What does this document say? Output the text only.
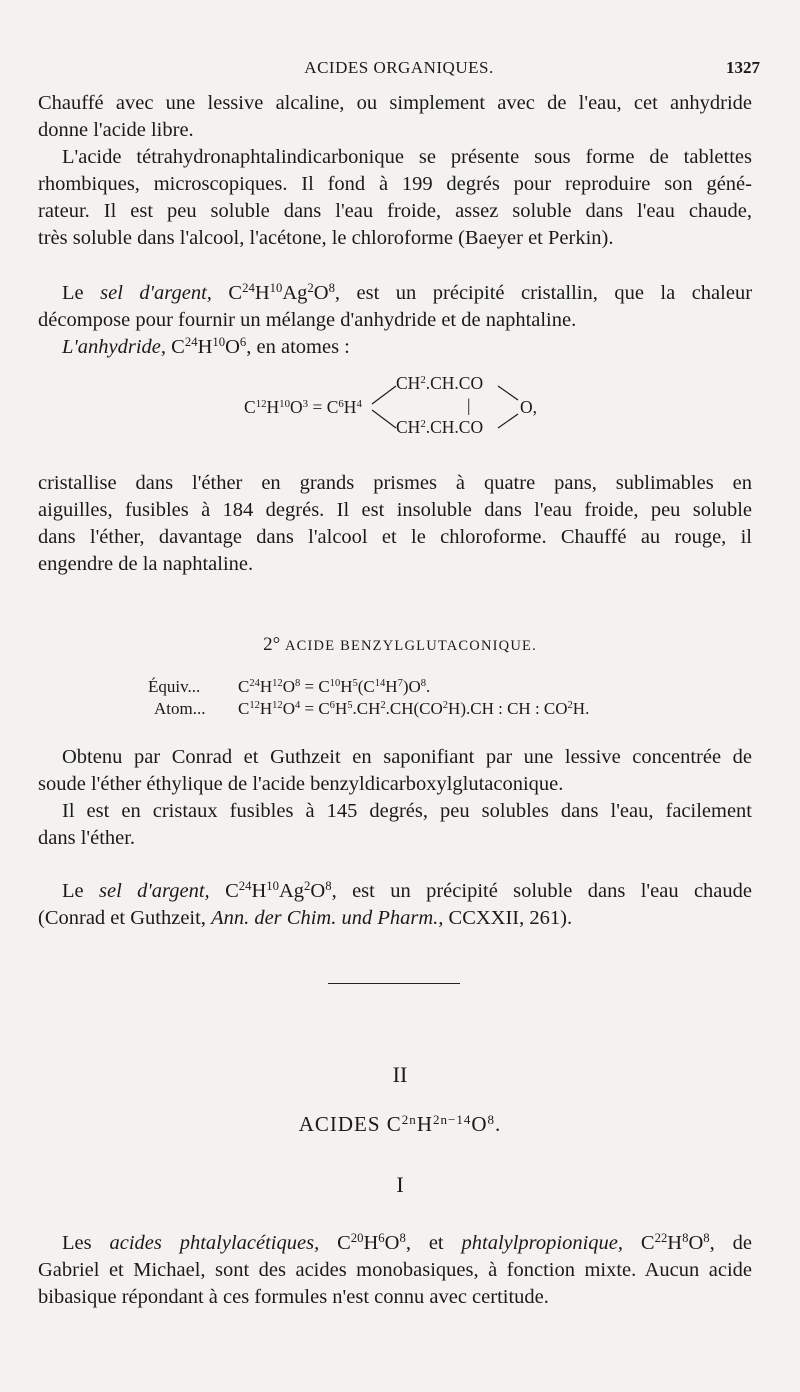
ACIDES ORGANIQUES.	1327
Chauffé avec une lessive alcaline, ou simplement avec de l'eau, cet anhydride
donne l'acide libre.
L'acide tétrahydronaphtalindicarbonique se présente sous forme de tablettes
rhombiques, microscopiques. Il fond à 199 degrés pour reproduire son géné-
rateur. Il est peu soluble dans l'eau froide, assez soluble dans l'eau chaude,
très soluble dans l'alcool, l'acétone, le chloroforme (Baeyer et Perkin).
Le sel d'argent, $C^{24}H^{10}Ag^2O^8$, est un précipité cristallin, que la chaleur
décompose pour fournir un mélange d'anhydride et de naphtaline.
L'anhydride, $C^{24}H^{10}O^6$, en atomes :
$C^{12}H^{10}O^3 = C^6H^4$
$CH^2.CH.CO$
|
$CH^2.CH.CO$
O,
cristallise dans l'éther en grands prismes à quatre pans, sublimables en
aiguilles, fusibles à 184 degrés. Il est insoluble dans l'eau froide, peu soluble
dans l'éther, davantage dans l'alcool et le chloroforme. Chauffé au rouge, il
engendre de la naphtaline.
2° ACIDE BENZYLGLUTACONIQUE.
Équiv... $C^{24}H^{12}O^8 = C^{10}H^5(C^{14}H^7)O^8$.
Atom... $C^{12}H^{12}O^4 = C^6H^5.CH^2.CH(CO^2H).CH$ : CH : $CO^2H$.
Obtenu par Conrad et Guthzeit en saponifiant par une lessive concentrée de
soude l'éther éthylique de l'acide benzyldicarboxylglutaconique.
Il est en cristaux fusibles à 145 degrés, peu solubles dans l'eau, facilement
dans l'éther.
Le sel d'argent, $C^{24}H^{10}Ag^2O^8$, est un précipité soluble dans l'eau chaude
(Conrad et Guthzeit, Ann. der Chim. und Pharm., CCXXII, 261).
II
ACIDES $C^{2n}H^{2n-14}O^8$.
I
Les acides phtalylacétiques, $C^{20}H^6O^8$, et phtalylpropionique, $C^{22}H^8O^8$, de
Gabriel et Michael, sont des acides monobasiques, à fonction mixte. Aucun acide
bibasique répondant à ces formules n'est connu avec certitude.
